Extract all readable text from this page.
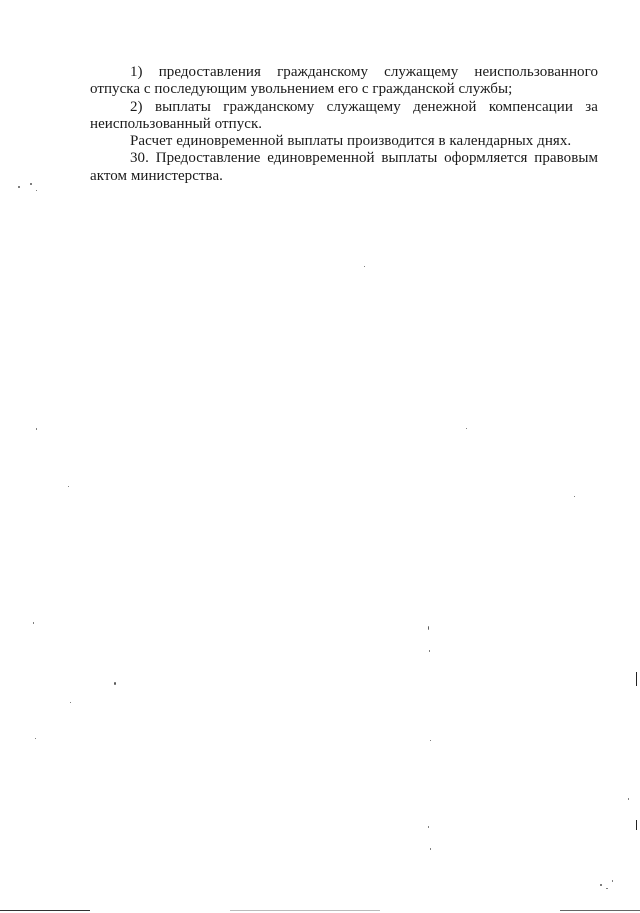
1) предоставления гражданскому служащему неиспользованного отпуска с последующим увольнением его с гражданской службы;

2) выплаты гражданскому служащему денежной компенсации за неиспользованный отпуск.

Расчет единовременной выплаты производится в календарных днях.

30. Предоставление единовременной выплаты оформляется правовым актом министерства.
